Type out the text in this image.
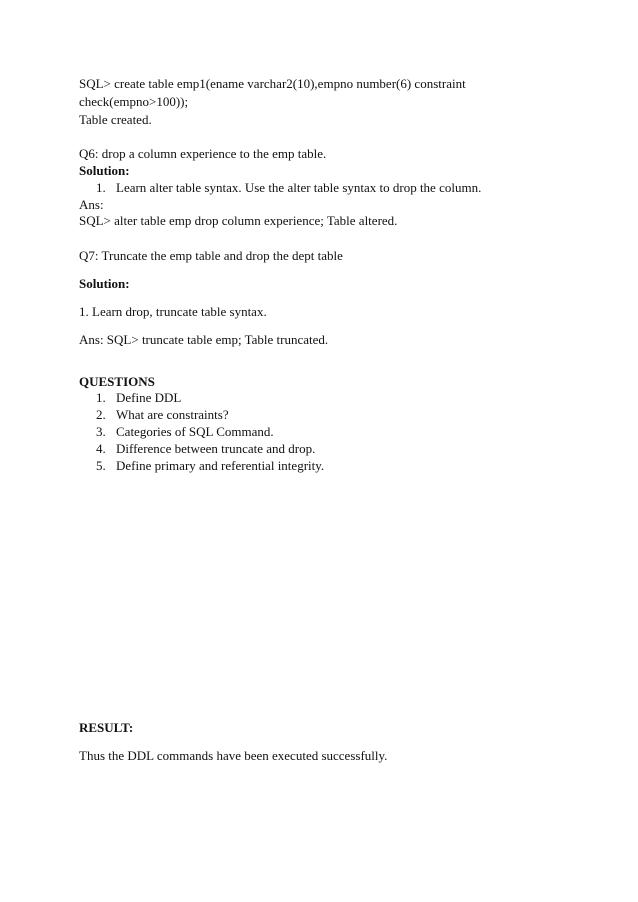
SQL> create table emp1(ename varchar2(10),empno number(6) constraint
check(empno>100));
Table created.
Q6: drop a column experience to the emp table.
Solution:
1. Learn alter table syntax. Use the alter table syntax to drop the column.
Ans:
SQL> alter table emp drop column experience; Table altered.
Q7: Truncate the emp table and drop the dept table
Solution:
1. Learn drop, truncate table syntax.
Ans: SQL> truncate table emp; Table truncated.
QUESTIONS
1. Define DDL
2. What are constraints?
3. Categories of SQL Command.
4. Difference between truncate and drop.
5. Define primary and referential integrity.
RESULT:
Thus the DDL commands have been executed successfully.
